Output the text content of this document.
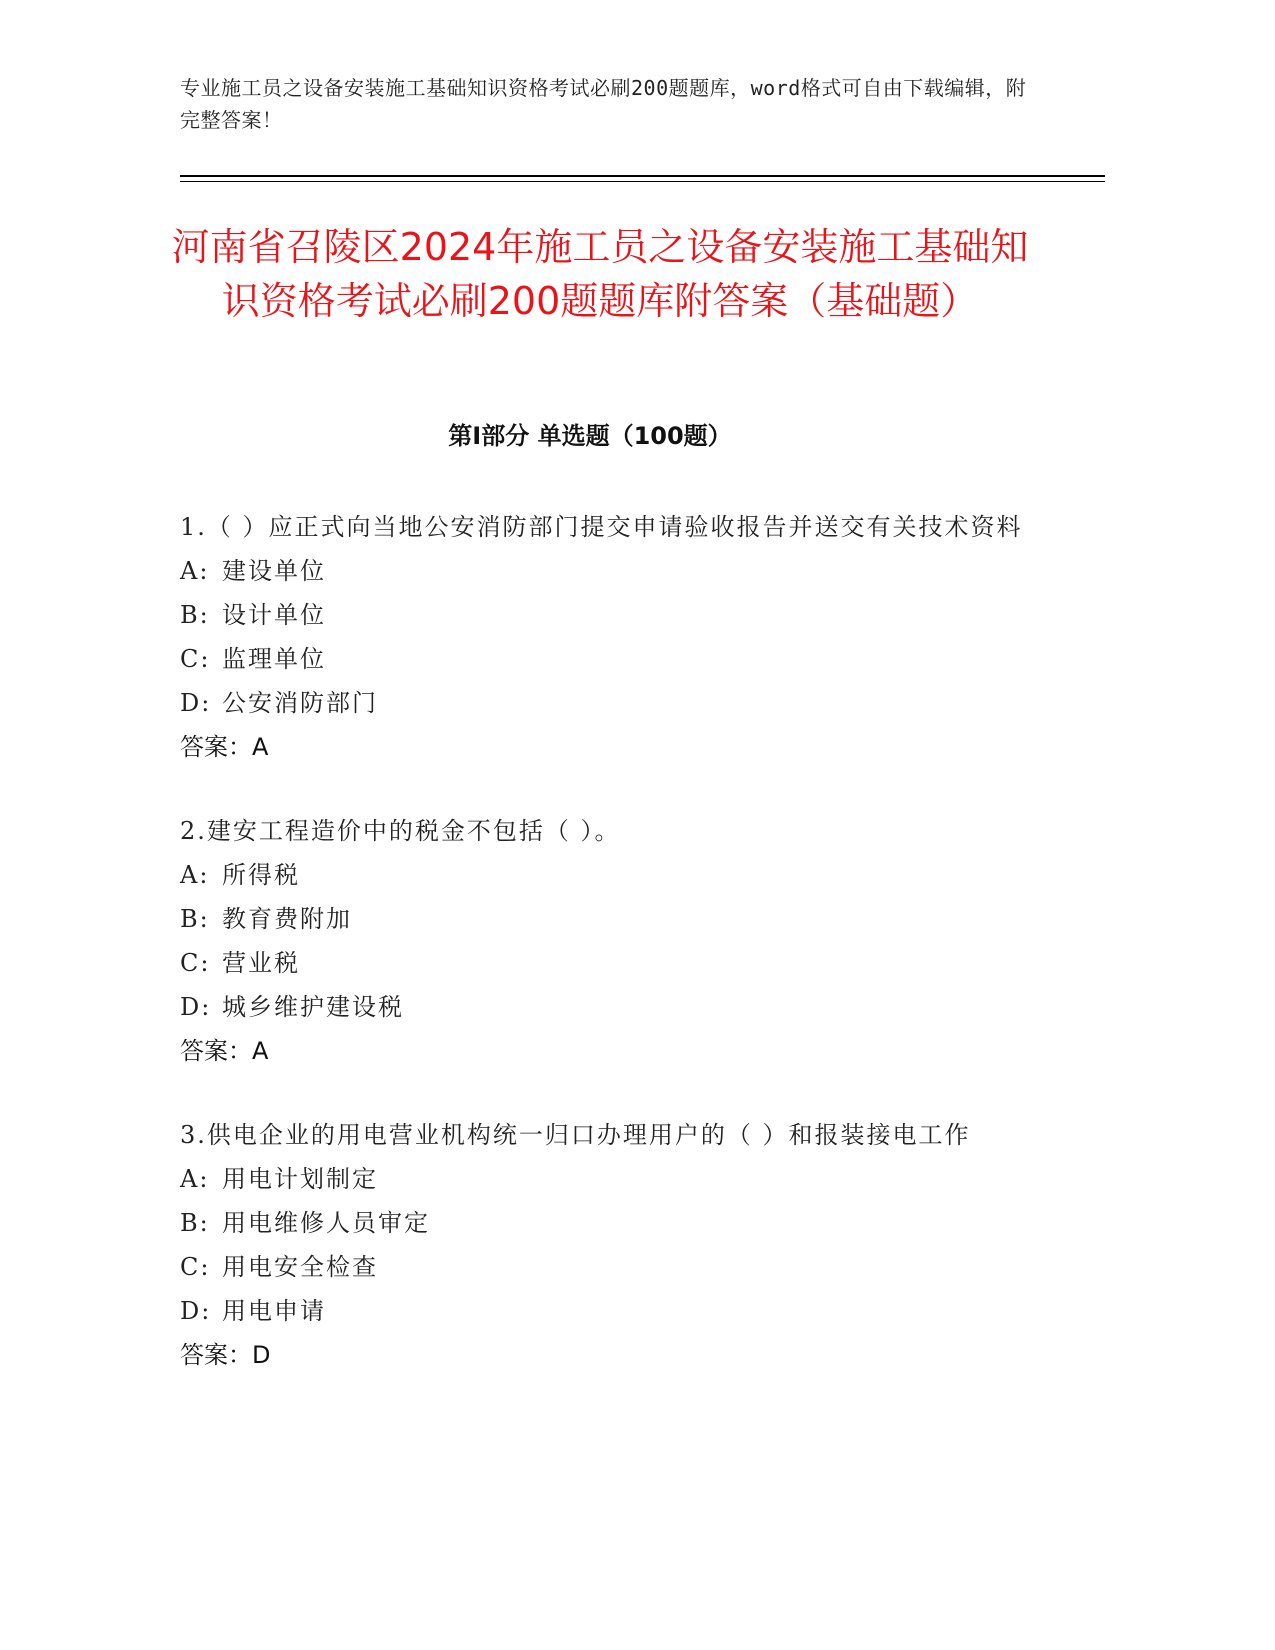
专业施工员之设备安装施工基础知识资格考试必刷200题题库，word格式可自由下载编辑，附完整答案！
河南省召陵区2024年施工员之设备安装施工基础知识资格考试必刷200题题库附答案（基础题）
第I部分 单选题（100题）
1.（ ）应正式向当地公安消防部门提交申请验收报告并送交有关技术资料
A: 建设单位
B: 设计单位
C: 监理单位
D: 公安消防部门
答案：A
2.建安工程造价中的税金不包括（ ）。
A: 所得税
B: 教育费附加
C: 营业税
D: 城乡维护建设税
答案：A
3.供电企业的用电营业机构统一归口办理用户的（ ）和报装接电工作
A: 用电计划制定
B: 用电维修人员审定
C: 用电安全检查
D: 用电申请
答案：D
